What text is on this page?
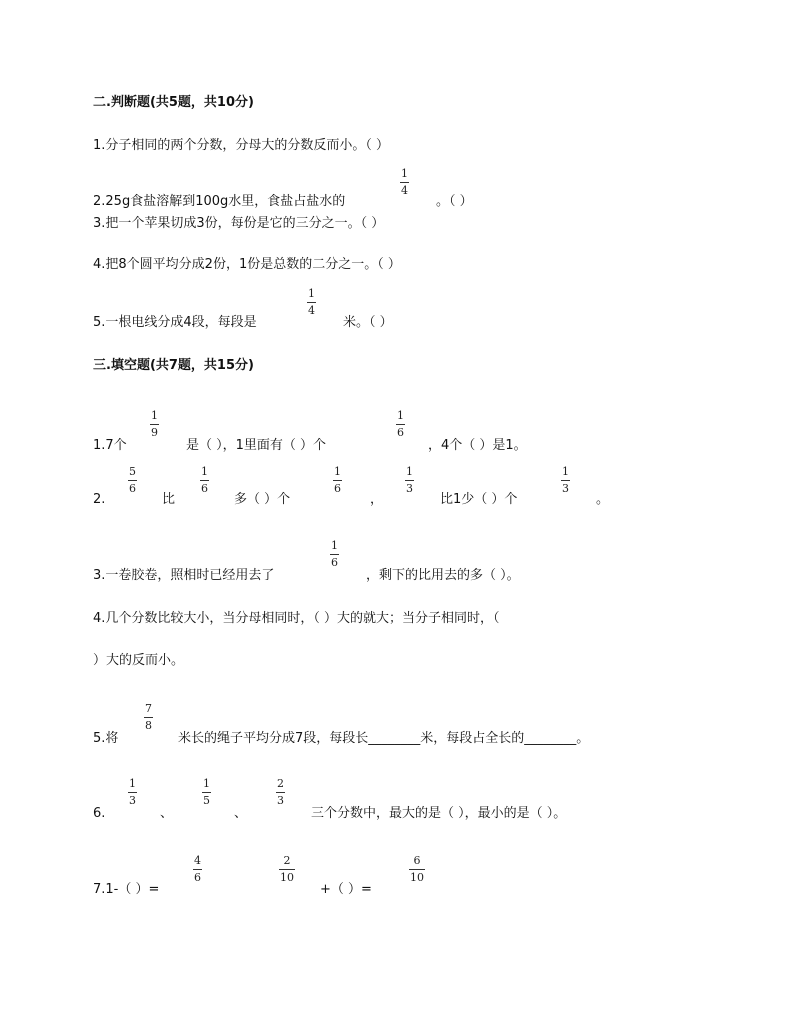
二.判断题(共5题，共10分)
1.分子相同的两个分数，分母大的分数反而小。（ ）
2.25g食盐溶解到100g水里，食盐占盐水的
1
4
。（ ）
3.把一个苹果切成3份，每份是它的三分之一。（ ）
4.把8个圆平均分成2份，1份是总数的二分之一。（ ）
5.一根电线分成4段，每段是
1
4
米。（ ）
三.填空题(共7题，共15分)
1.7个
1
9
是（ ），1里面有（ ）个
1
6
，4个（ ）是1。
2.
5
6
比
1
6
多（ ）个
1
6
，
1
3
比1少（ ）个
1
3
。
3.一卷胶卷，照相时已经用去了
1
6
，剩下的比用去的多（ ）。
4.几个分数比较大小，当分母相同时，（ ）大的就大；当分子相同时，（
）大的反而小。
5.将
7
8
米长的绳子平均分成7段，每段长________米，每段占全长的________。
6.
1
3
、
1
5
、
2
3
三个分数中，最大的是（ ），最小的是（ ）。
7.1-（ ）=
4
6
2
10
+（ ）=
6
10
